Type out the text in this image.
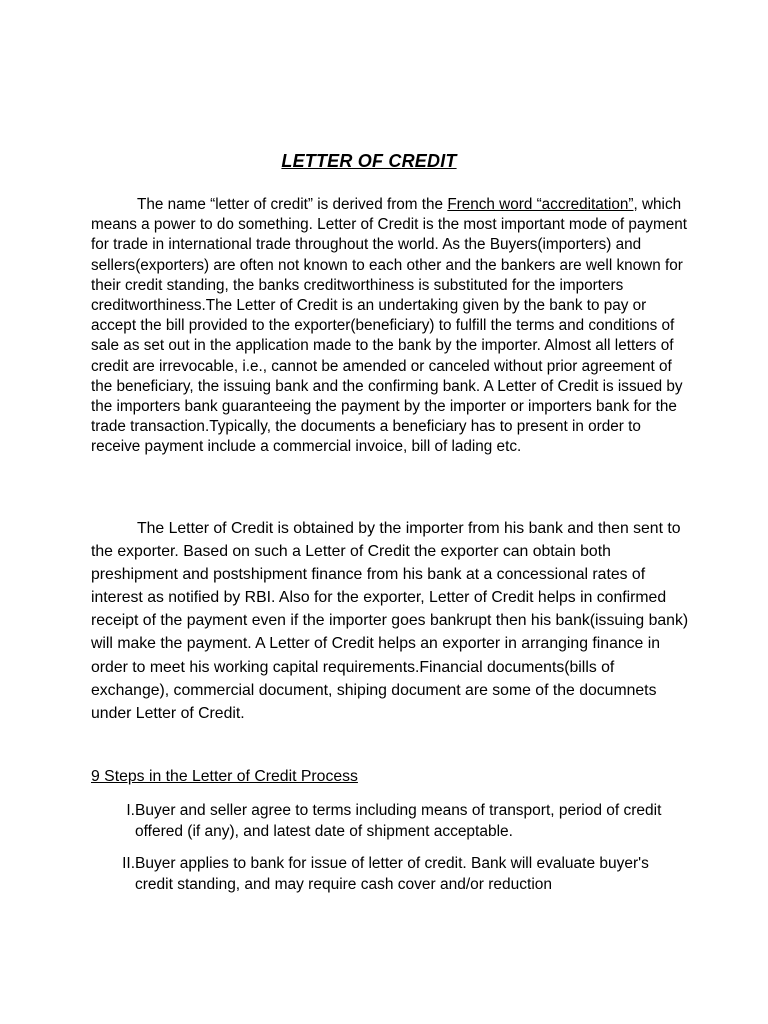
LETTER OF CREDIT

The name “letter of credit” is derived from the French word “accreditation”, which means a power to do something. Letter of Credit is the most important mode of payment for trade in international trade throughout the world. As the Buyers(importers) and sellers(exporters) are often not known to each other and the bankers are well known for their credit standing, the banks creditworthiness is substituted for the importers creditworthiness.The Letter of Credit is an undertaking given by the bank to pay or accept the bill provided to the exporter(beneficiary) to fulfill the terms and conditions of sale as set out in the application made to the bank by the importer. Almost all letters of credit are irrevocable, i.e., cannot be amended or canceled without prior agreement of the beneficiary, the issuing bank and the confirming bank. A Letter of Credit is issued by the importers bank guaranteeing the payment by the importer or importers bank for the trade transaction.Typically, the documents a beneficiary has to present in order to receive payment include a commercial invoice, bill of lading etc.

The Letter of Credit is obtained by the importer from his bank and then sent to the exporter. Based on such a Letter of Credit the exporter can obtain both preshipment and postshipment finance from his bank at a concessional rates of interest as notified by RBI. Also for the exporter, Letter of Credit helps in confirmed receipt of the payment even if the importer goes bankrupt then his bank(issuing bank) will make the payment. A Letter of Credit helps an exporter in arranging finance in order to meet his working capital requirements.Financial documents(bills of exchange), commercial document, shiping document are some of the documnets under Letter of Credit.

9 Steps in the Letter of Credit Process
I. Buyer and seller agree to terms including means of transport, period of credit offered (if any), and latest date of shipment acceptable.
II. Buyer applies to bank for issue of letter of credit. Bank will evaluate buyer's credit standing, and may require cash cover and/or reduction
